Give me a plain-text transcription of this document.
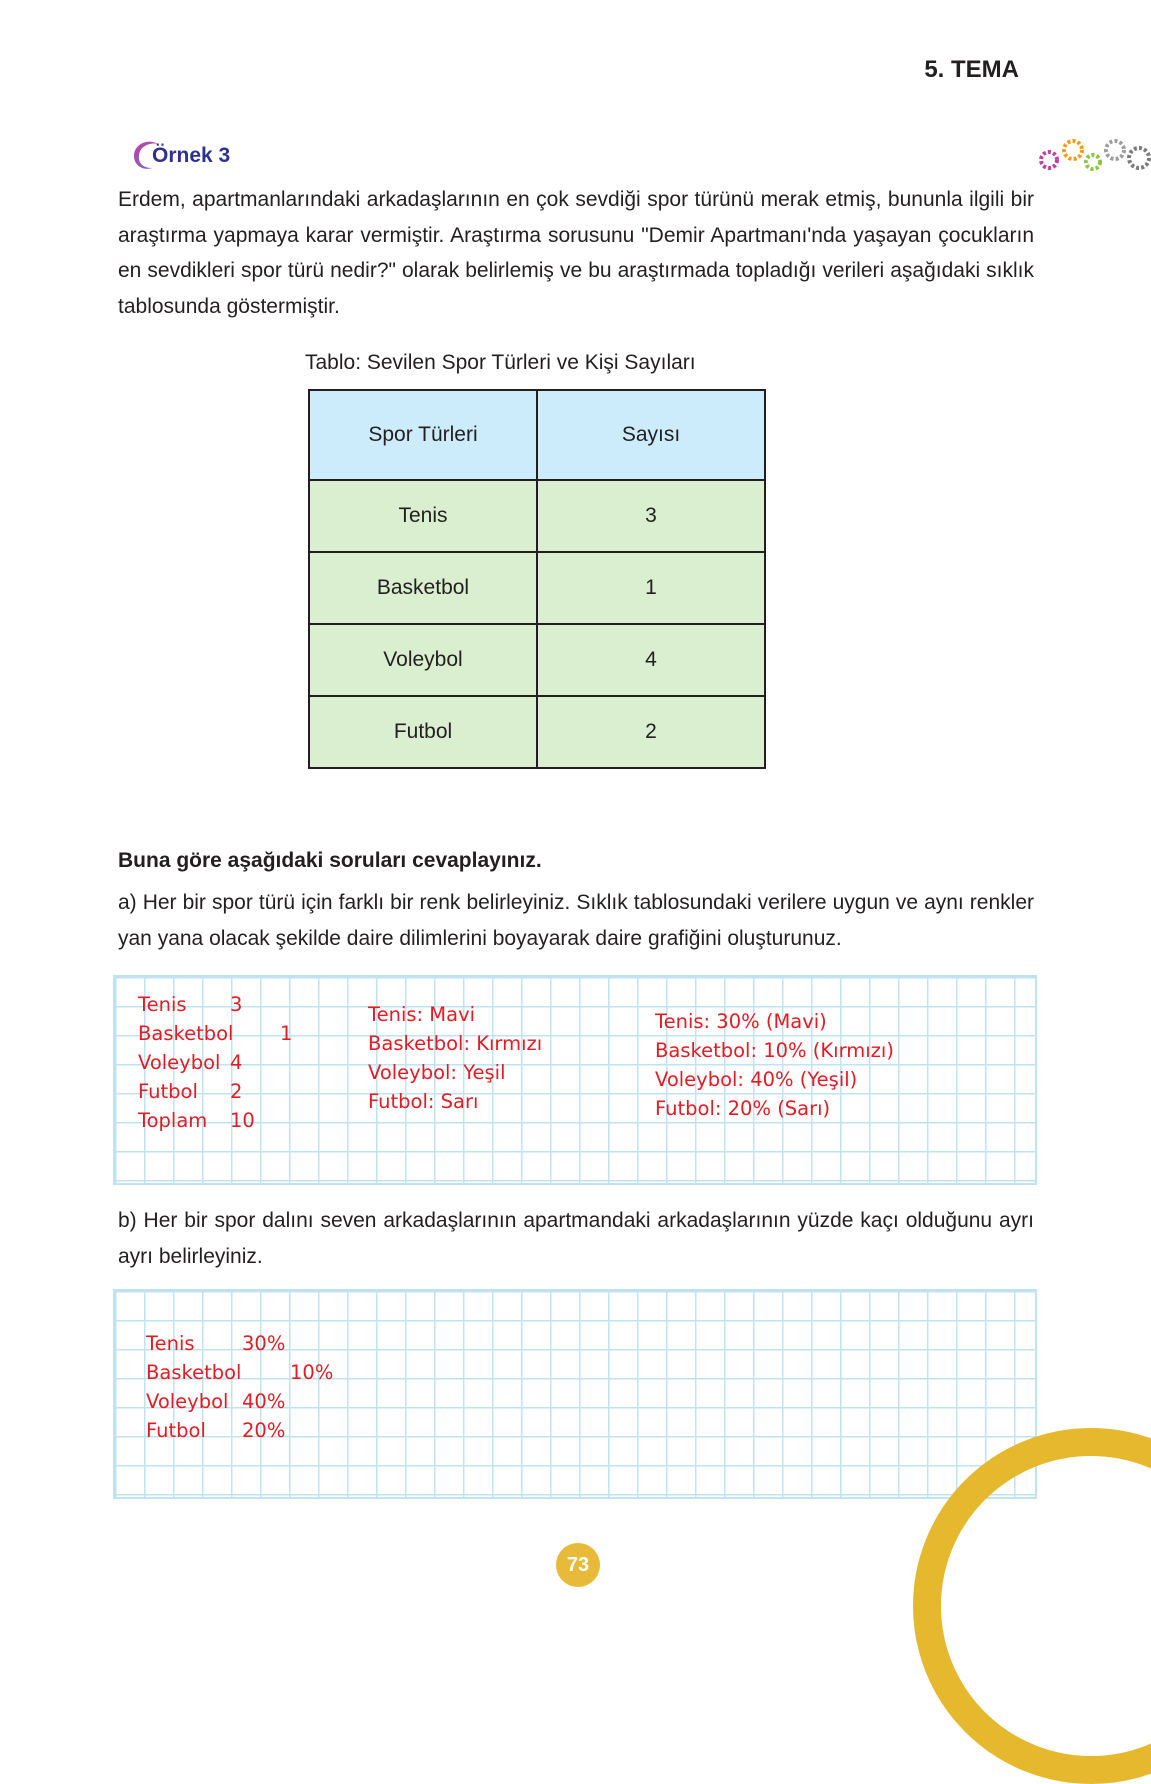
5. TEMA
Örnek 3
Erdem, apartmanlarındaki arkadaşlarının en çok sevdiği spor türünü merak etmiş, bununla ilgili bir araştırma yapmaya karar vermiştir. Araştırma sorusunu "Demir Apartmanı'nda yaşayan çocukların en sevdikleri spor türü nedir?" olarak belirlemiş ve bu araştırmada topladığı verileri aşağıdaki sıklık tablosunda göstermiştir.
Tablo: Sevilen Spor Türleri ve Kişi Sayıları
Spor Türleri	Sayısı
Tenis	3
Basketbol	1
Voleybol	4
Futbol	2
Buna göre aşağıdaki soruları cevaplayınız.
a) Her bir spor türü için farklı bir renk belirleyiniz. Sıklık tablosundaki verilere uygun ve aynı renkler yan yana olacak şekilde daire dilimlerini boyayarak daire grafiğini oluşturunuz.
Tenis 3
Basketbol 1
Voleybol 4
Futbol 2
Toplam 10
Tenis: Mavi
Basketbol: Kırmızı
Voleybol: Yeşil
Futbol: Sarı
Tenis: 30% (Mavi)
Basketbol: 10% (Kırmızı)
Voleybol: 40% (Yeşil)
Futbol: 20% (Sarı)
b) Her bir spor dalını seven arkadaşlarının apartmandaki arkadaşlarının yüzde kaçı olduğunu ayrı ayrı belirleyiniz.
Tenis 30%
Basketbol 10%
Voleybol 40%
Futbol 20%
73
